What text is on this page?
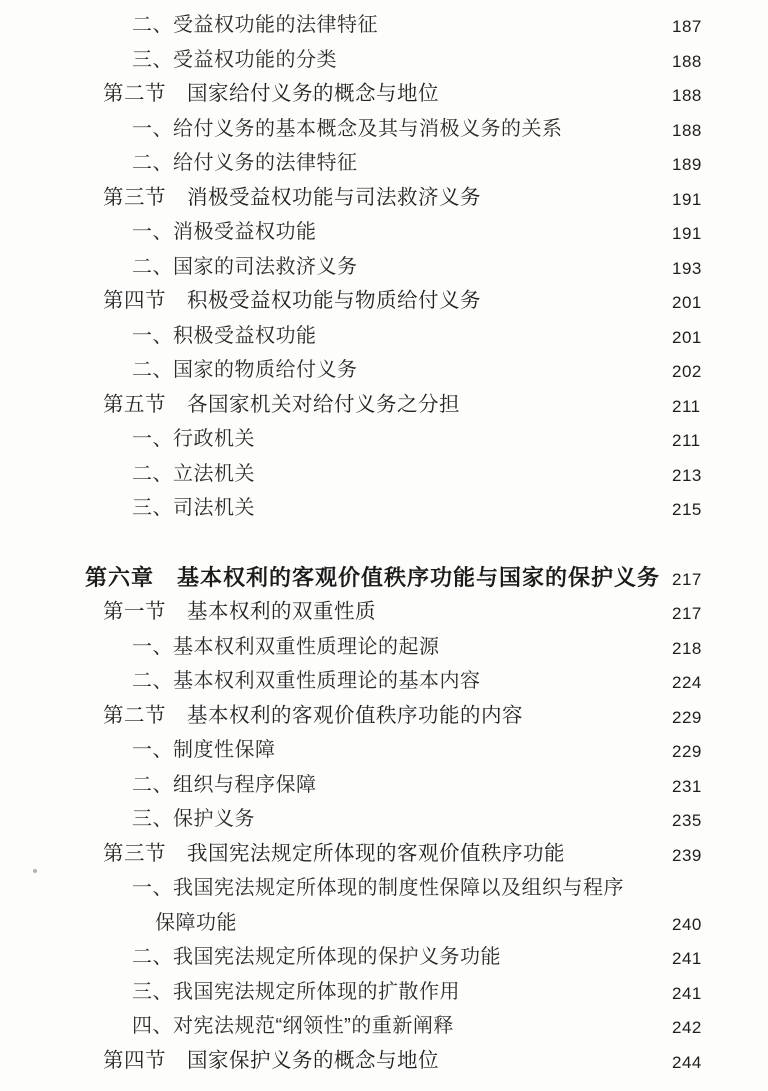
二、受益权功能的法律特征	187
三、受益权功能的分类	188
第二节　国家给付义务的概念与地位	188
一、给付义务的基本概念及其与消极义务的关系	188
二、给付义务的法律特征	189
第三节　消极受益权功能与司法救济义务	191
一、消极受益权功能	191
二、国家的司法救济义务	193
第四节　积极受益权功能与物质给付义务	201
一、积极受益权功能	201
二、国家的物质给付义务	202
第五节　各国家机关对给付义务之分担	211
一、行政机关	211
二、立法机关	213
三、司法机关	215
第六章　基本权利的客观价值秩序功能与国家的保护义务 217
第一节　基本权利的双重性质	217
一、基本权利双重性质理论的起源	218
二、基本权利双重性质理论的基本内容	224
第二节　基本权利的客观价值秩序功能的内容	229
一、制度性保障	229
二、组织与程序保障	231
三、保护义务	235
第三节　我国宪法规定所体现的客观价值秩序功能	239
一、我国宪法规定所体现的制度性保障以及组织与程序
保障功能	240
二、我国宪法规定所体现的保护义务功能	241
三、我国宪法规定所体现的扩散作用	241
四、对宪法规范“纲领性”的重新阐释	242
第四节　国家保护义务的概念与地位	244
